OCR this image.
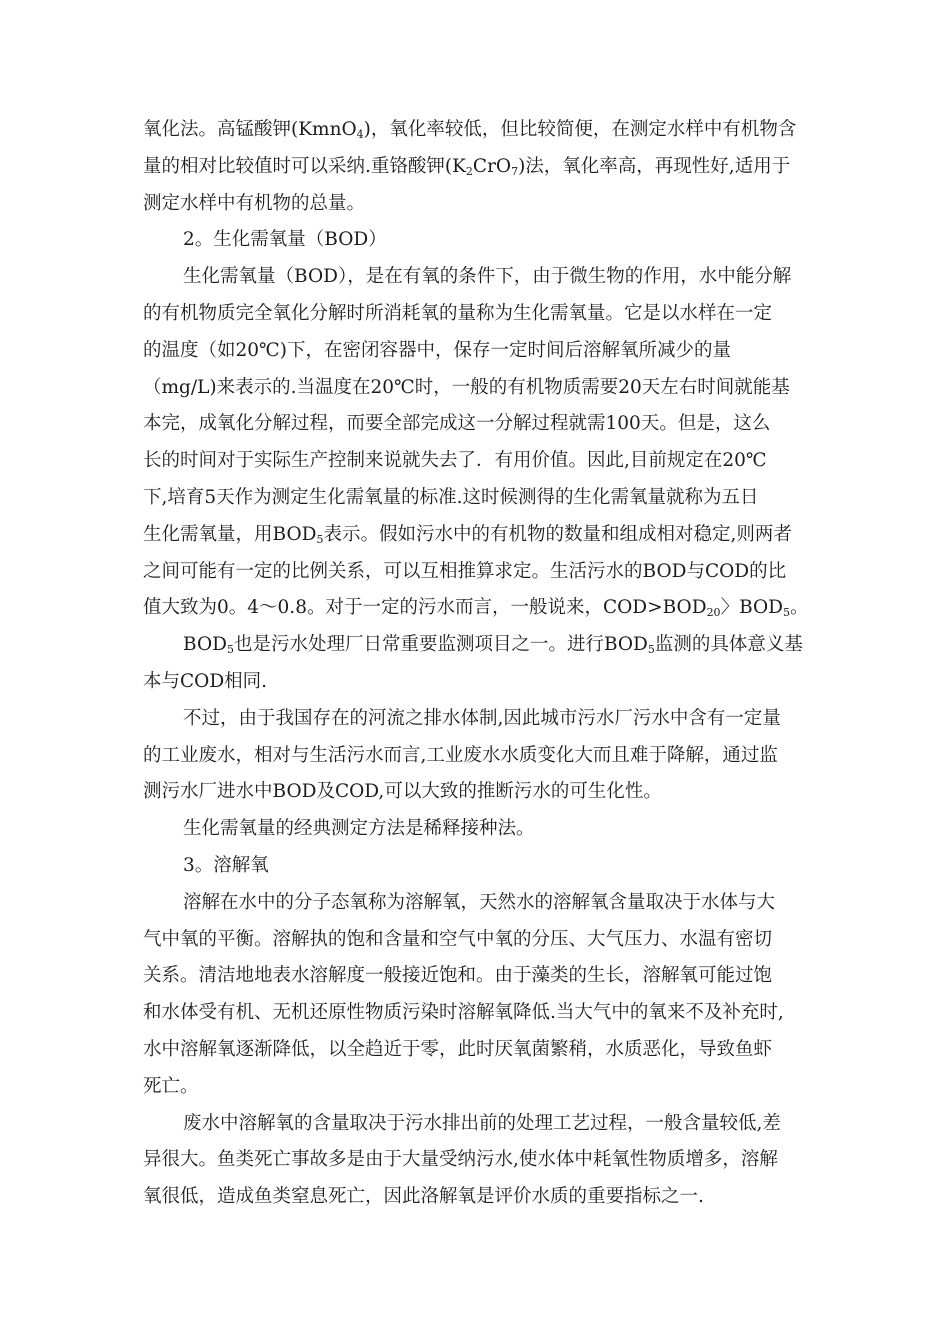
氧化法。高锰酸钾(KmnO$_4$)，氧化率较低，但比较简便，在测定水样中有机物含
量的相对比较值时可以采纳.重铬酸钾$(K_2CrO_7)$法，氧化率高，再现性好,适用于
测定水样中有机物的总量。
2。生化需氧量（BOD）
生化需氧量（BOD），是在有氧的条件下，由于微生物的作用，水中能分解
的有机物质完全氧化分解时所消耗氧的量称为生化需氧量。它是以水样在一定
的温度（如20℃)下，在密闭容器中，保存一定时间后溶解氧所减少的量
（mg/L)来表示的.当温度在20℃时，一般的有机物质需要20天左右时间就能基
本完，成氧化分解过程，而要全部完成这一分解过程就需100天。但是，这么
长的时间对于实际生产控制来说就失去了．有用价值。因此,目前规定在20℃
下,培育5天作为测定生化需氧量的标准.这时候测得的生化需氧量就称为五日
生化需氧量，用$BOD_5$表示。假如污水中的有机物的数量和组成相对稳定,则两者
之间可能有一定的比例关系，可以互相推算求定。生活污水的BOD与COD的比
值大致为0。4～0.8。对于一定的污水而言，一般说来，$COD>BOD_{20}$〉$BOD_5$。
$BOD_5$也是污水处理厂日常重要监测项目之一。进行$BOD_5$监测的具体意义基
本与COD相同.
不过，由于我国存在的河流之排水体制,因此城市污水厂污水中含有一定量
的工业废水，相对与生活污水而言,工业废水水质变化大而且难于降解，通过监
测污水厂进水中BOD及COD,可以大致的推断污水的可生化性。
生化需氧量的经典测定方法是稀释接种法。
3。溶解氧
溶解在水中的分子态氧称为溶解氧，天然水的溶解氧含量取决于水体与大
气中氧的平衡。溶解执的饱和含量和空气中氧的分压、大气压力、水温有密切
关系。清洁地地表水溶解度一般接近饱和。由于藻类的生长，溶解氧可能过饱
和水体受有机、无机还原性物质污染时溶解氧降低.当大气中的氧来不及补充时,
水中溶解氧逐渐降低，以全趋近于零，此时厌氧菌繁稍，水质恶化，导致鱼虾
死亡。
废水中溶解氧的含量取决于污水排出前的处理工艺过程，一般含量较低,差
异很大。鱼类死亡事故多是由于大量受纳污水,使水体中耗氧性物质增多，溶解
氧很低，造成鱼类窒息死亡，因此洛解氧是评价水质的重要指标之一.
